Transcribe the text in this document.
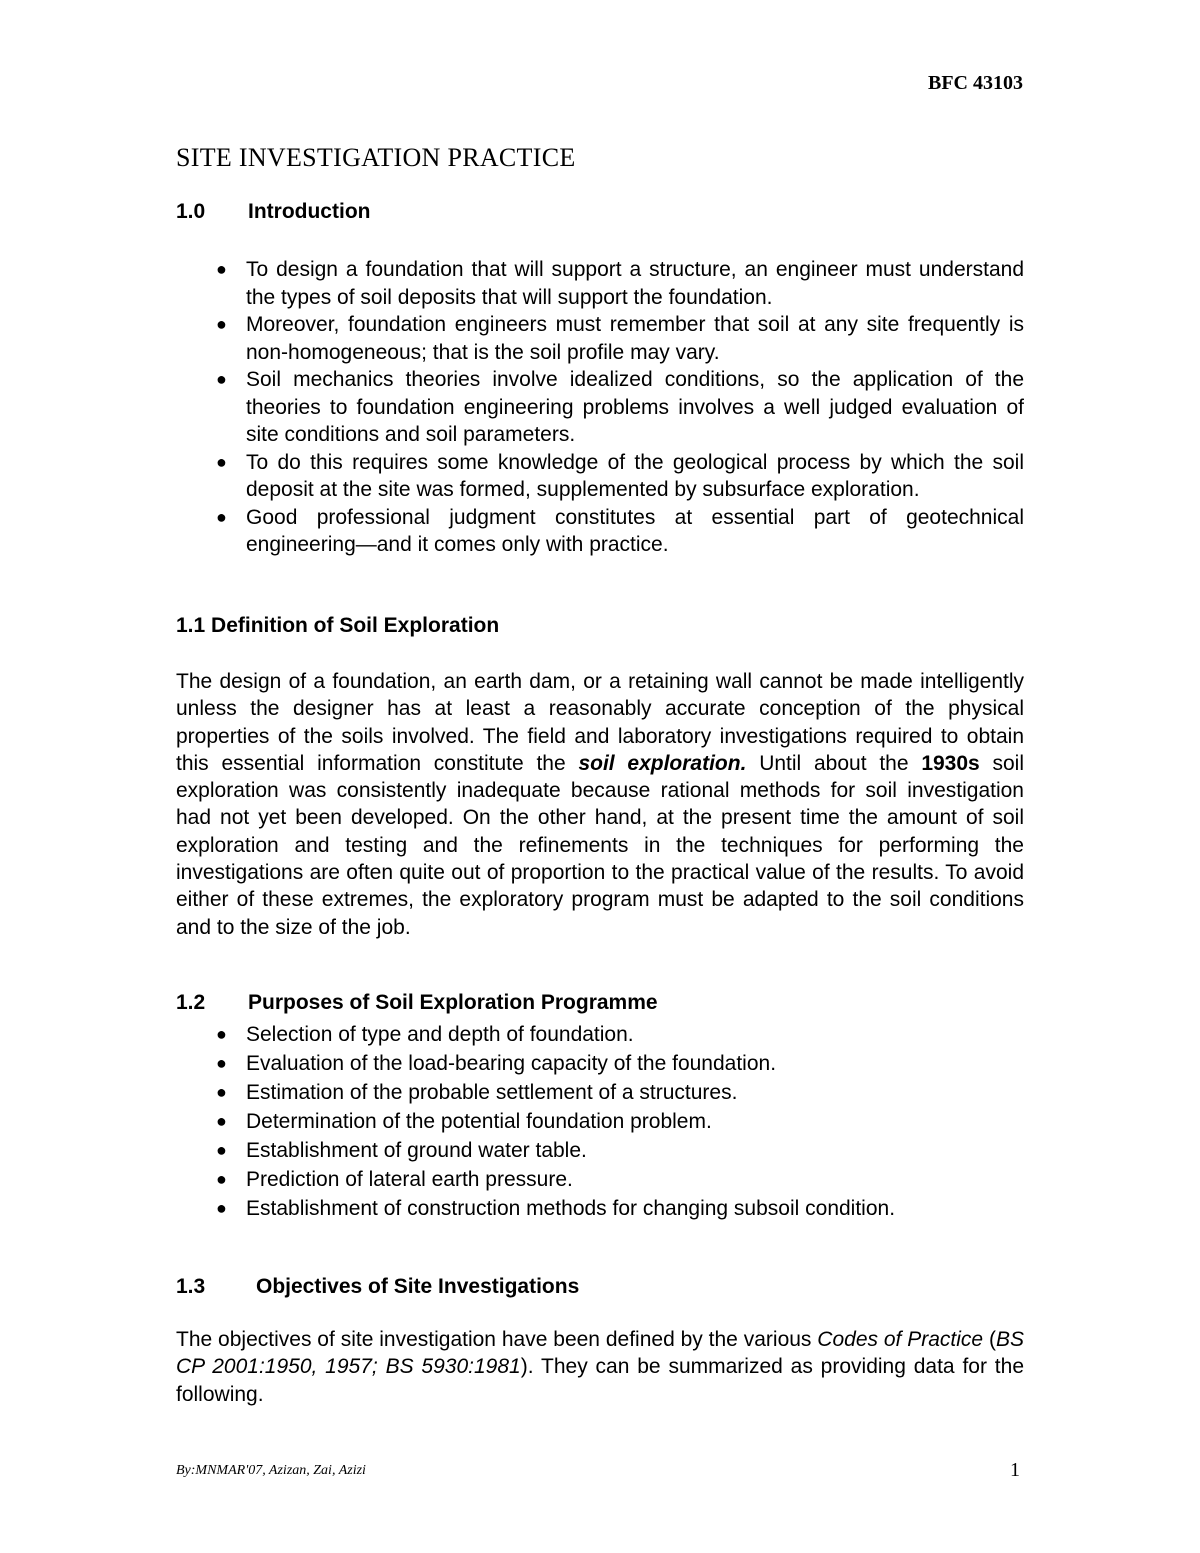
BFC 43103
SITE INVESTIGATION PRACTICE
1.0 Introduction
● To design a foundation that will support a structure, an engineer must understand the types of soil deposits that will support the foundation.
● Moreover, foundation engineers must remember that soil at any site frequently is non-homogeneous; that is the soil profile may vary.
● Soil mechanics theories involve idealized conditions, so the application of the theories to foundation engineering problems involves a well judged evaluation of site conditions and soil parameters.
● To do this requires some knowledge of the geological process by which the soil deposit at the site was formed, supplemented by subsurface exploration.
● Good professional judgment constitutes at essential part of geotechnical engineering—and it comes only with practice.
1.1 Definition of Soil Exploration

The design of a foundation, an earth dam, or a retaining wall cannot be made intelligently unless the designer has at least a reasonably accurate conception of the physical properties of the soils involved. The field and laboratory investigations required to obtain this essential information constitute the soil exploration. Until about the 1930s soil exploration was consistently inadequate because rational methods for soil investigation had not yet been developed. On the other hand, at the present time the amount of soil exploration and testing and the refinements in the techniques for performing the investigations are often quite out of proportion to the practical value of the results. To avoid either of these extremes, the exploratory program must be adapted to the soil conditions and to the size of the job.

1.2 Purposes of Soil Exploration Programme
● Selection of type and depth of foundation.
● Evaluation of the load-bearing capacity of the foundation.
● Estimation of the probable settlement of a structures.
● Determination of the potential foundation problem.
● Establishment of ground water table.
● Prediction of lateral earth pressure.
● Establishment of construction methods for changing subsoil condition.
1.3 Objectives of Site Investigations

The objectives of site investigation have been defined by the various Codes of Practice (BS CP 2001:1950, 1957; BS 5930:1981). They can be summarized as providing data for the following.

By:MNMAR'07, Azizan, Zai, Azizi	1
